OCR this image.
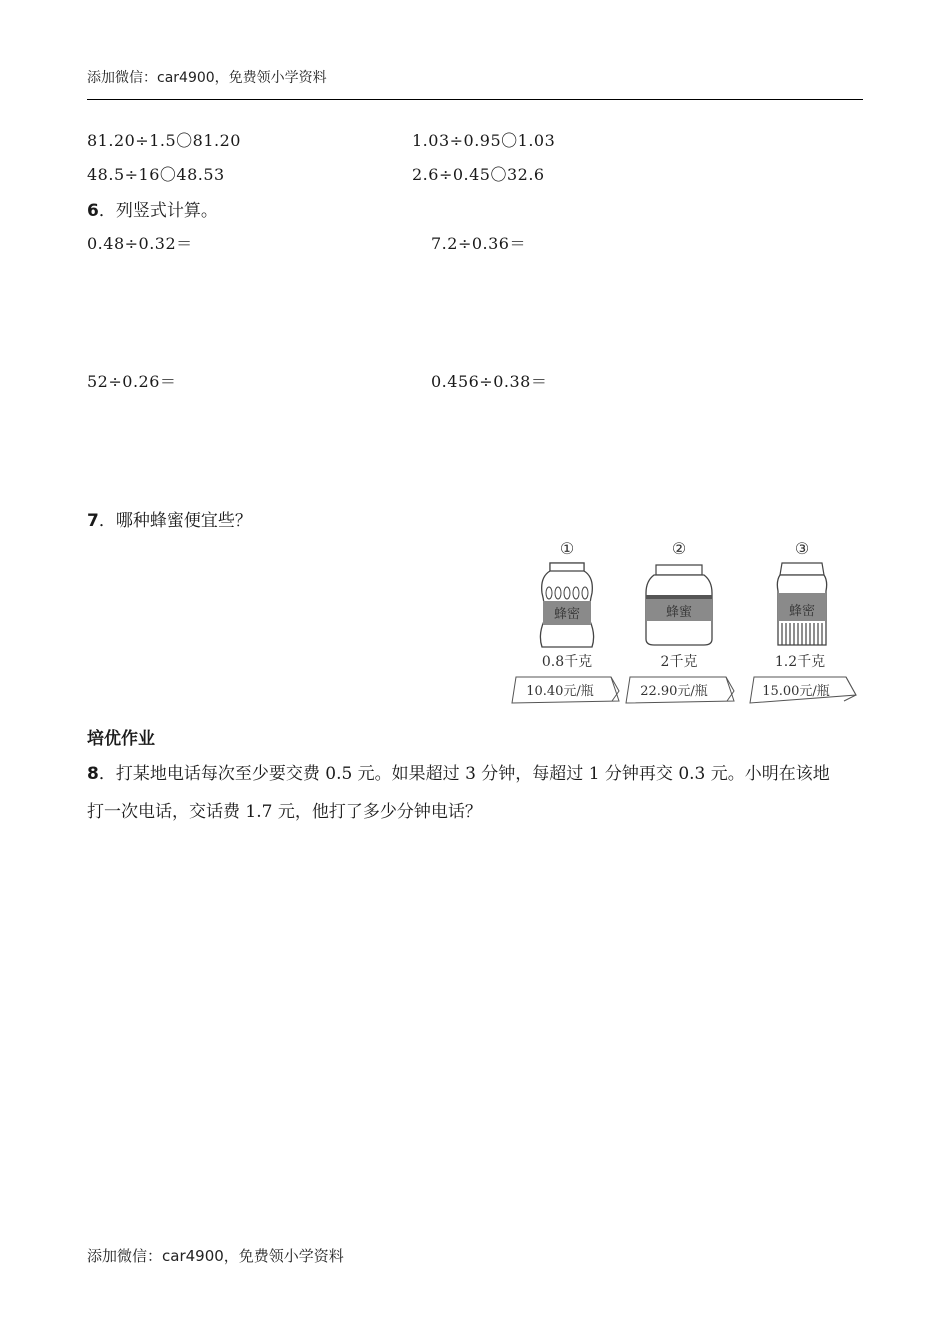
添加微信：car4900，免费领小学资料
81.20÷1.5〇81.20	1.03÷0.95〇1.03
48.5÷16〇48.53	2.6÷0.45〇32.6
6．列竖式计算。
0.48÷0.32＝	7.2÷0.36＝
52÷0.26＝	0.456÷0.38＝
7．哪种蜂蜜便宜些？
①
蜂密
0.8千克
10.40元/瓶
②
蜂蜜
2千克
22.90元/瓶
③
蜂密
1.2千克
15.00元/瓶
培优作业
8．打某地电话每次至少要交费 0.5 元。如果超过 3 分钟，每超过 1 分钟再交 0.3 元。小明在该地
打一次电话，交话费 1.7 元，他打了多少分钟电话？
添加微信：car4900，免费领小学资料
